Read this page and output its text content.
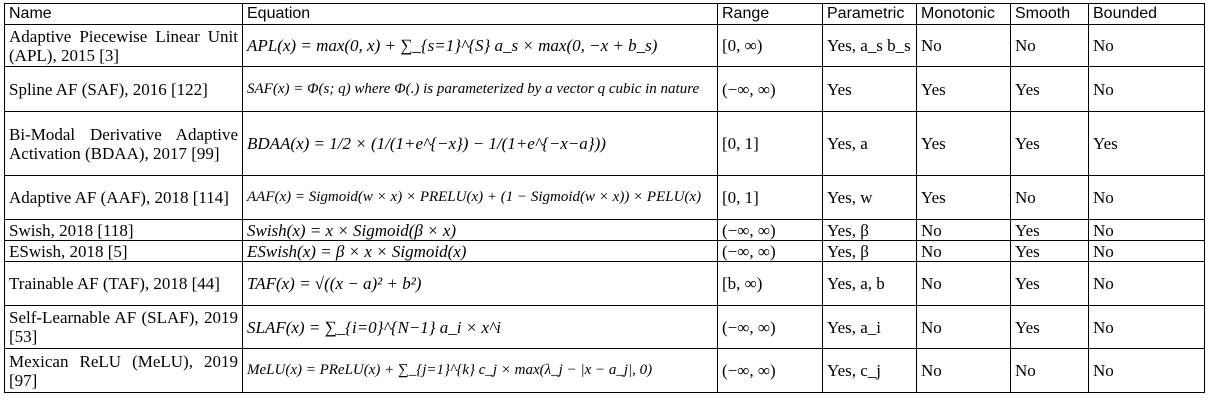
Name	Equation	Range	Parametric	Monotonic	Smooth	Bounded
Adaptive Piecewise Linear Unit (APL), 2015 [3]	APL(x) = max(0, x) + ∑_{s=1}^{S} a_s × max(0, −x + b_s)	[0, ∞)	Yes, a_s b_s	No	No	No
Spline AF (SAF), 2016 [122]	SAF(x) = Φ(s; q) where Φ(.) is parameterized by a vector q cubic in nature	(−∞, ∞)	Yes	Yes	Yes	No
Bi-Modal Derivative Adaptive Activation (BDAA), 2017 [99]	BDAA(x) = 1/2 × (1/(1+e^{−x}) − 1/(1+e^{−x−a}))	[0, 1]	Yes, a	Yes	Yes	Yes
Adaptive AF (AAF), 2018 [114]	AAF(x) = Sigmoid(w × x) × PRELU(x) + (1 − Sigmoid(w × x)) × PELU(x)	[0, 1]	Yes, w	Yes	No	No
Swish, 2018 [118]	Swish(x) = x × Sigmoid(β × x)	(−∞, ∞)	Yes, β	No	Yes	No
ESwish, 2018 [5]	ESwish(x) = β × x × Sigmoid(x)	(−∞, ∞)	Yes, β	No	Yes	No
Trainable AF (TAF), 2018 [44]	TAF(x) = √((x − a)² + b²)	[b, ∞)	Yes, a, b	No	Yes	No
Self-Learnable AF (SLAF), 2019 [53]	SLAF(x) = ∑_{i=0}^{N−1} a_i × x^i	(−∞, ∞)	Yes, a_i	No	Yes	No
Mexican ReLU (MeLU), 2019 [97]	MeLU(x) = PReLU(x) + ∑_{j=1}^{k} c_j × max(λ_j − |x − a_j|, 0)	(−∞, ∞)	Yes, c_j	No	No	No
